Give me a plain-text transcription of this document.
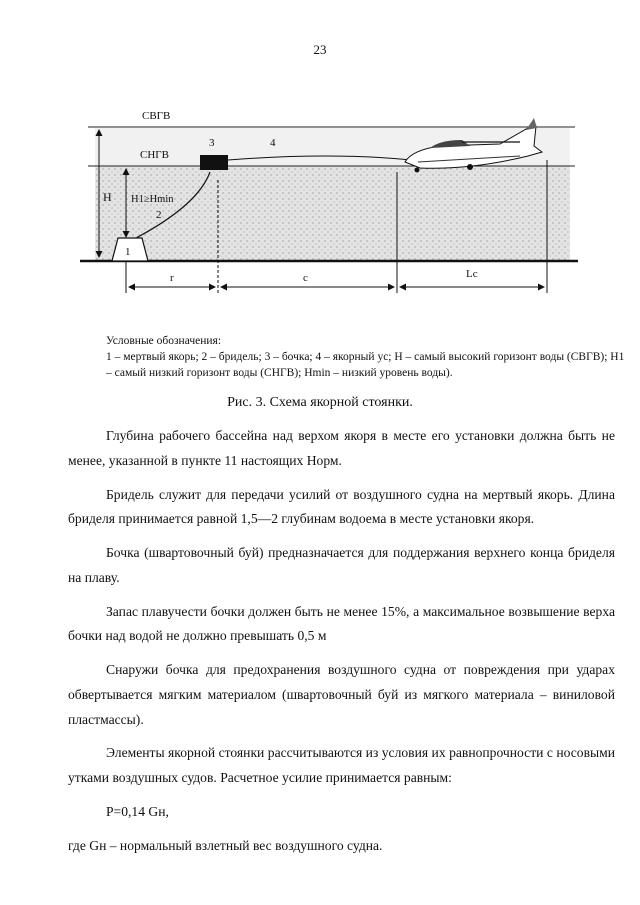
23
СВГВ
СНГВ
H H1≥Hmin
1
2
3	4
r	c	Lc
Условные обозначения:
1 – мертвый якорь; 2 – бридель; 3 – бочка; 4 – якорный ус; Н – самый высокий горизонт воды (СВГВ); H1 – самый низкий горизонт воды (СНГВ); Hmin – низкий уровень воды).
Рис. 3. Схема якорной стоянки.

Глубина рабочего бассейна над верхом якоря в месте его установки должна быть не менее, указанной в пункте 11 настоящих Норм.

Бридель служит для передачи усилий от воздушного судна на мертвый якорь. Длина бриделя принимается равной 1,5—2 глубинам водоема в месте установки якоря.

Бочка (швартовочный буй) предназначается для поддержания верхнего конца бриделя на плаву.

Запас плавучести бочки должен быть не менее 15%, а максимальное возвышение верха бочки над водой не должно превышать 0,5 м

Снаружи бочка для предохранения воздушного судна от повреждения при ударах обвертывается мягким материалом (швартовочный буй из мягкого материала – виниловой пластмассы).

Элементы якорной стоянки рассчитываются из условия их равнопрочности с носовыми утками воздушных судов. Расчетное усилие принимается равным:

P=0,14 Gн,

где Gн – нормальный взлетный вес воздушного судна.
